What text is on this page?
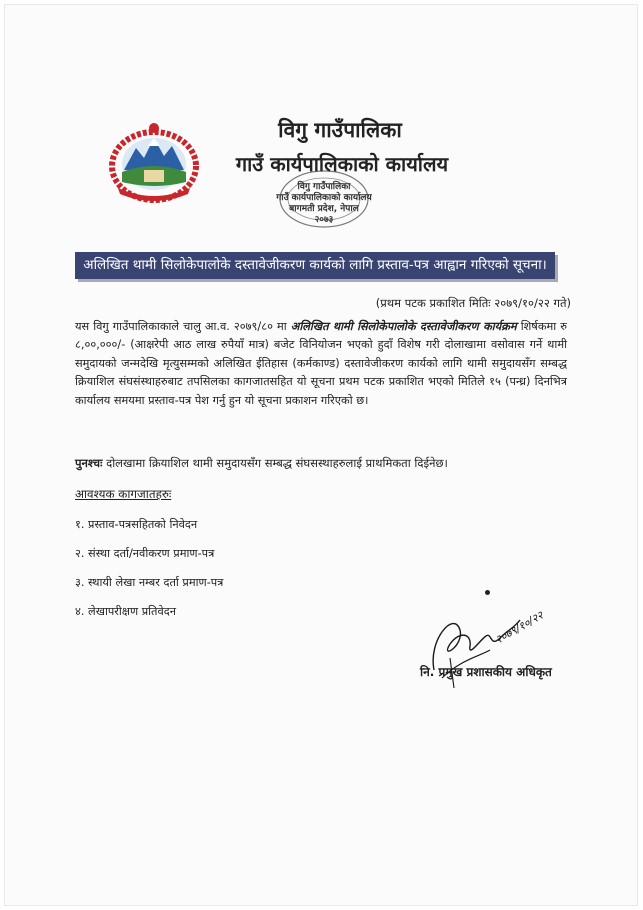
विगु गाउँपालिका
गाउँ कार्यपालिकाको कार्यालय
विगु गाउँपालिका
गाउँ कार्यपालिकाको कार्यालय
बागमती प्रदेश, नेपाल
२०७३
अलिखित थामी सिलोकेपालोके दस्तावेजीकरण कार्यको लागि प्रस्ताव-पत्र आह्वान गरिएको सूचना।
(प्रथम पटक प्रकाशित मितिः २०७९/१०/२२ गते)
यस विगु गाउँपालिकाकाले चालु आ.व. २०७९/८० मा अलिखित थामी सिलोकेपालोके दस्तावेजीकरण कार्यक्रम शिर्षकमा रु ८,००,०००/- (आक्षरेपी आठ लाख रुपैयाँ मात्र) बजेट विनियोजन भएको हुदाँ विशेष गरी दोलाखामा वसोवास गर्ने थामी समुदायको जन्मदेखि मृत्युसम्मको अलिखित ईतिहास (कर्मकाण्ड) दस्तावेजीकरण कार्यको लागि थामी समुदायसँग सम्बद्ध क्रियाशिल संघसंस्थाहरुबाट तपसिलका कागजातसहित यो सूचना प्रथम पटक प्रकाशित भएको मितिले १५ (पन्ध्र) दिनभित्र कार्यालय समयमा प्रस्ताव-पत्र पेश गर्नु हुन यो सूचना प्रकाशन गरिएको छ।
पुनश्चः दोलखामा क्रियाशिल थामी समुदायसँग सम्बद्ध संघसस्थाहरुलाई प्राथमिकता दिईनेछ।
आवश्यक कागजातहरुः
१. प्रस्ताव-पत्रसहितको निवेदन
२. संस्था दर्ता/नवीकरण प्रमाण-पत्र
३. स्थायी लेखा नम्बर दर्ता प्रमाण-पत्र
४. लेखापरीक्षण प्रतिवेदन	२०७९/१०/२२
नि. प्रमुख प्रशासकीय अधिकृत
